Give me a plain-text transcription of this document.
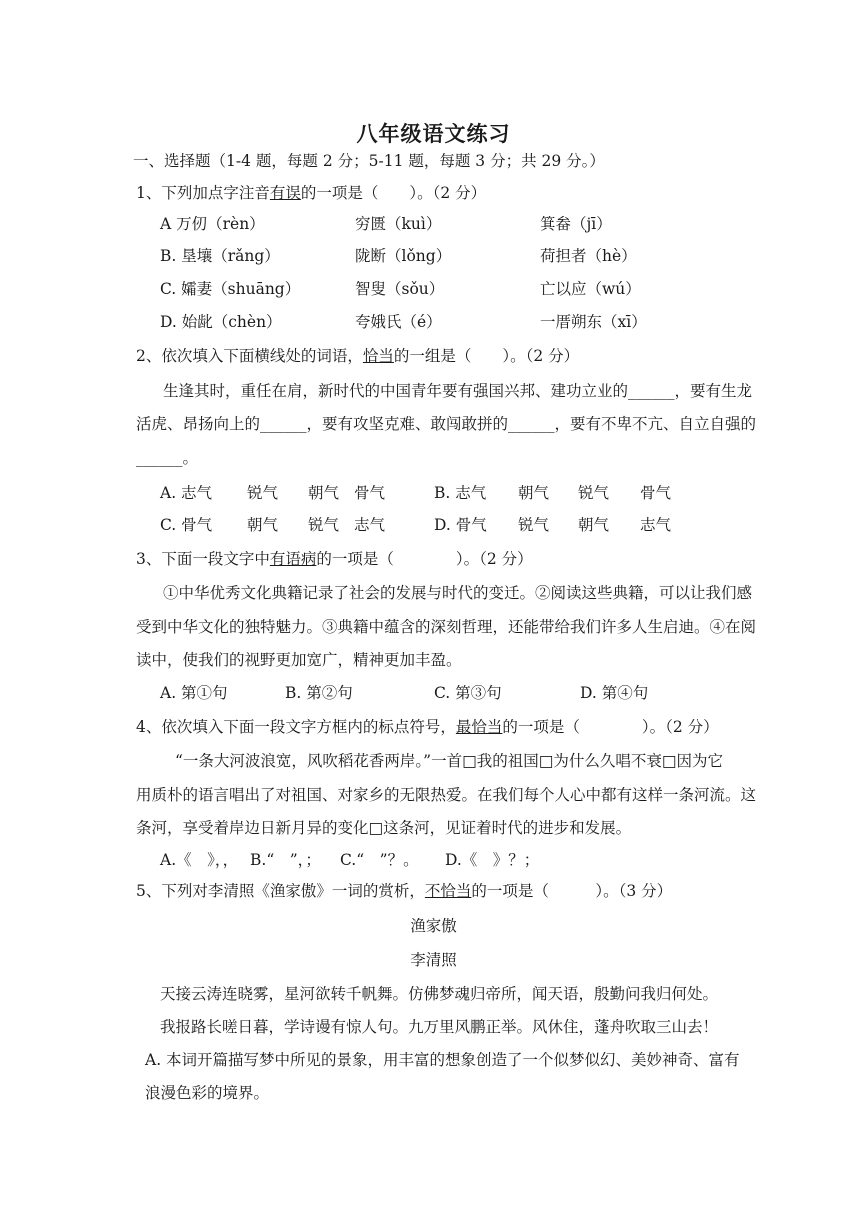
八年级语文练习
一、选择题（1-4 题，每题 2 分；5-11 题，每题 3 分；共 29 分。）
1、下列加点字注音有误的一项是（　　）。（2 分）
A 万仞（rèn）	穷匮（kuì）	箕畚（jī）
B. 垦壤（rǎng）	陇断（lǒng）	荷担者（hè）
C. 孀妻（shuāng）	智叟（sǒu）	亡以应（wú）
D. 始龀（chèn）	夸娥氏（é）	一厝朔东（xī）
2、依次填入下面横线处的词语，恰当的一组是（　　）。（2 分）
生逢其时，重任在肩，新时代的中国青年要有强国兴邦、建功立业的______，要有生龙
活虎、昂扬向上的______，要有攻坚克难、敢闯敢拼的______，要有不卑不亢、自立自强的
______。
A. 志气 锐气 朝气 骨气	B. 志气 朝气 锐气 骨气
C. 骨气 朝气 锐气 志气	D. 骨气 锐气 朝气 志气
3、下面一段文字中有语病的一项是（　　　　）。（2 分）
①中华优秀文化典籍记录了社会的发展与时代的变迁。②阅读这些典籍，可以让我们感
受到中华文化的独特魅力。③典籍中蕴含的深刻哲理，还能带给我们许多人生启迪。④在阅
读中，使我们的视野更加宽广，精神更加丰盈。
A. 第①句	B. 第②句	C. 第③句	D. 第④句
4、依次填入下面一段文字方框内的标点符号，最恰当的一项是（　　　　）。（2 分）
“一条大河波浪宽，风吹稻花香两岸。”一首□我的祖国□为什么久唱不衰□因为它
用质朴的语言唱出了对祖国、对家乡的无限热爱。在我们每个人心中都有这样一条河流。这
条河，享受着岸边日新月异的变化□这条河，见证着时代的进步和发展。
A.《　》，， B.“　”，； C.“　”？。 D.《　》？；
5、下列对李清照《渔家傲》一词的赏析，不恰当的一项是（　　　）。（3 分）
渔家傲
李清照
天接云涛连晓雾，星河欲转千帆舞。仿佛梦魂归帝所，闻天语，殷勤问我归何处。
我报路长嗟日暮，学诗谩有惊人句。九万里风鹏正举。风休住，蓬舟吹取三山去！
A. 本词开篇描写梦中所见的景象，用丰富的想象创造了一个似梦似幻、美妙神奇、富有
浪漫色彩的境界。
